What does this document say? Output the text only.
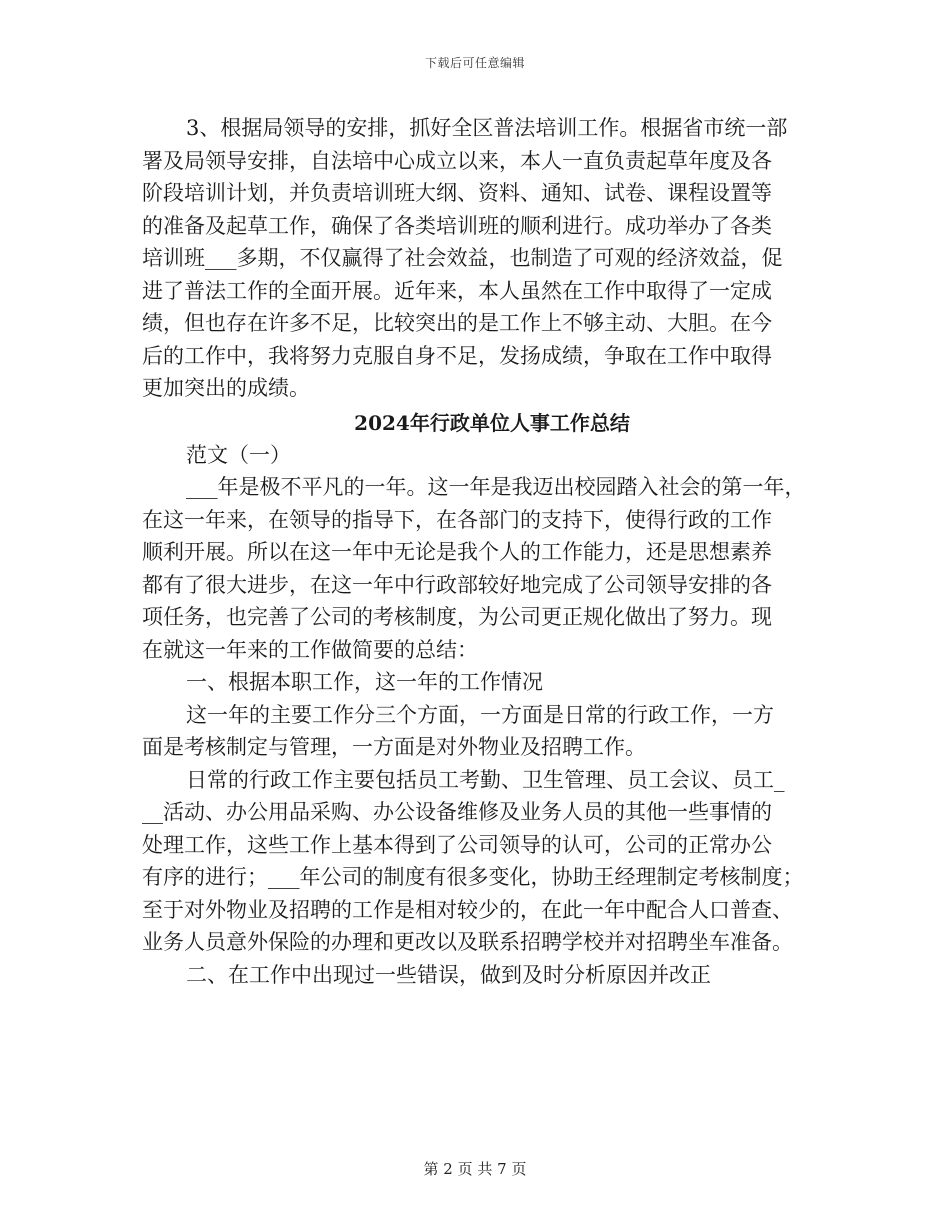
下载后可任意编辑

3、根据局领导的安排，抓好全区普法培训工作。根据省市统一部

署及局领导安排，自法培中心成立以来，本人一直负责起草年度及各

阶段培训计划，并负责培训班大纲、资料、通知、试卷、课程设置等

的准备及起草工作，确保了各类培训班的顺利进行。成功举办了各类

培训班___多期，不仅赢得了社会效益，也制造了可观的经济效益，促

进了普法工作的全面开展。近年来，本人虽然在工作中取得了一定成

绩，但也存在许多不足，比较突出的是工作上不够主动、大胆。在今

后的工作中，我将努力克服自身不足，发扬成绩，争取在工作中取得

更加突出的成绩。

2024年行政单位人事工作总结

范文（一）

___年是极不平凡的一年。这一年是我迈出校园踏入社会的第一年，

在这一年来，在领导的指导下，在各部门的支持下，使得行政的工作

顺利开展。所以在这一年中无论是我个人的工作能力，还是思想素养

都有了很大进步，在这一年中行政部较好地完成了公司领导安排的各

项任务，也完善了公司的考核制度，为公司更正规化做出了努力。现

在就这一年来的工作做简要的总结：

一、根据本职工作，这一年的工作情况

这一年的主要工作分三个方面，一方面是日常的行政工作，一方

面是考核制定与管理，一方面是对外物业及招聘工作。

日常的行政工作主要包括员工考勤、卫生管理、员工会议、员工_

__活动、办公用品采购、办公设备维修及业务人员的其他一些事情的

处理工作，这些工作上基本得到了公司领导的认可，公司的正常办公

有序的进行；___年公司的制度有很多变化，协助王经理制定考核制度；

至于对外物业及招聘的工作是相对较少的，在此一年中配合人口普查、

业务人员意外保险的办理和更改以及联系招聘学校并对招聘坐车准备。

二、在工作中出现过一些错误，做到及时分析原因并改正

第 2 页 共 7 页
